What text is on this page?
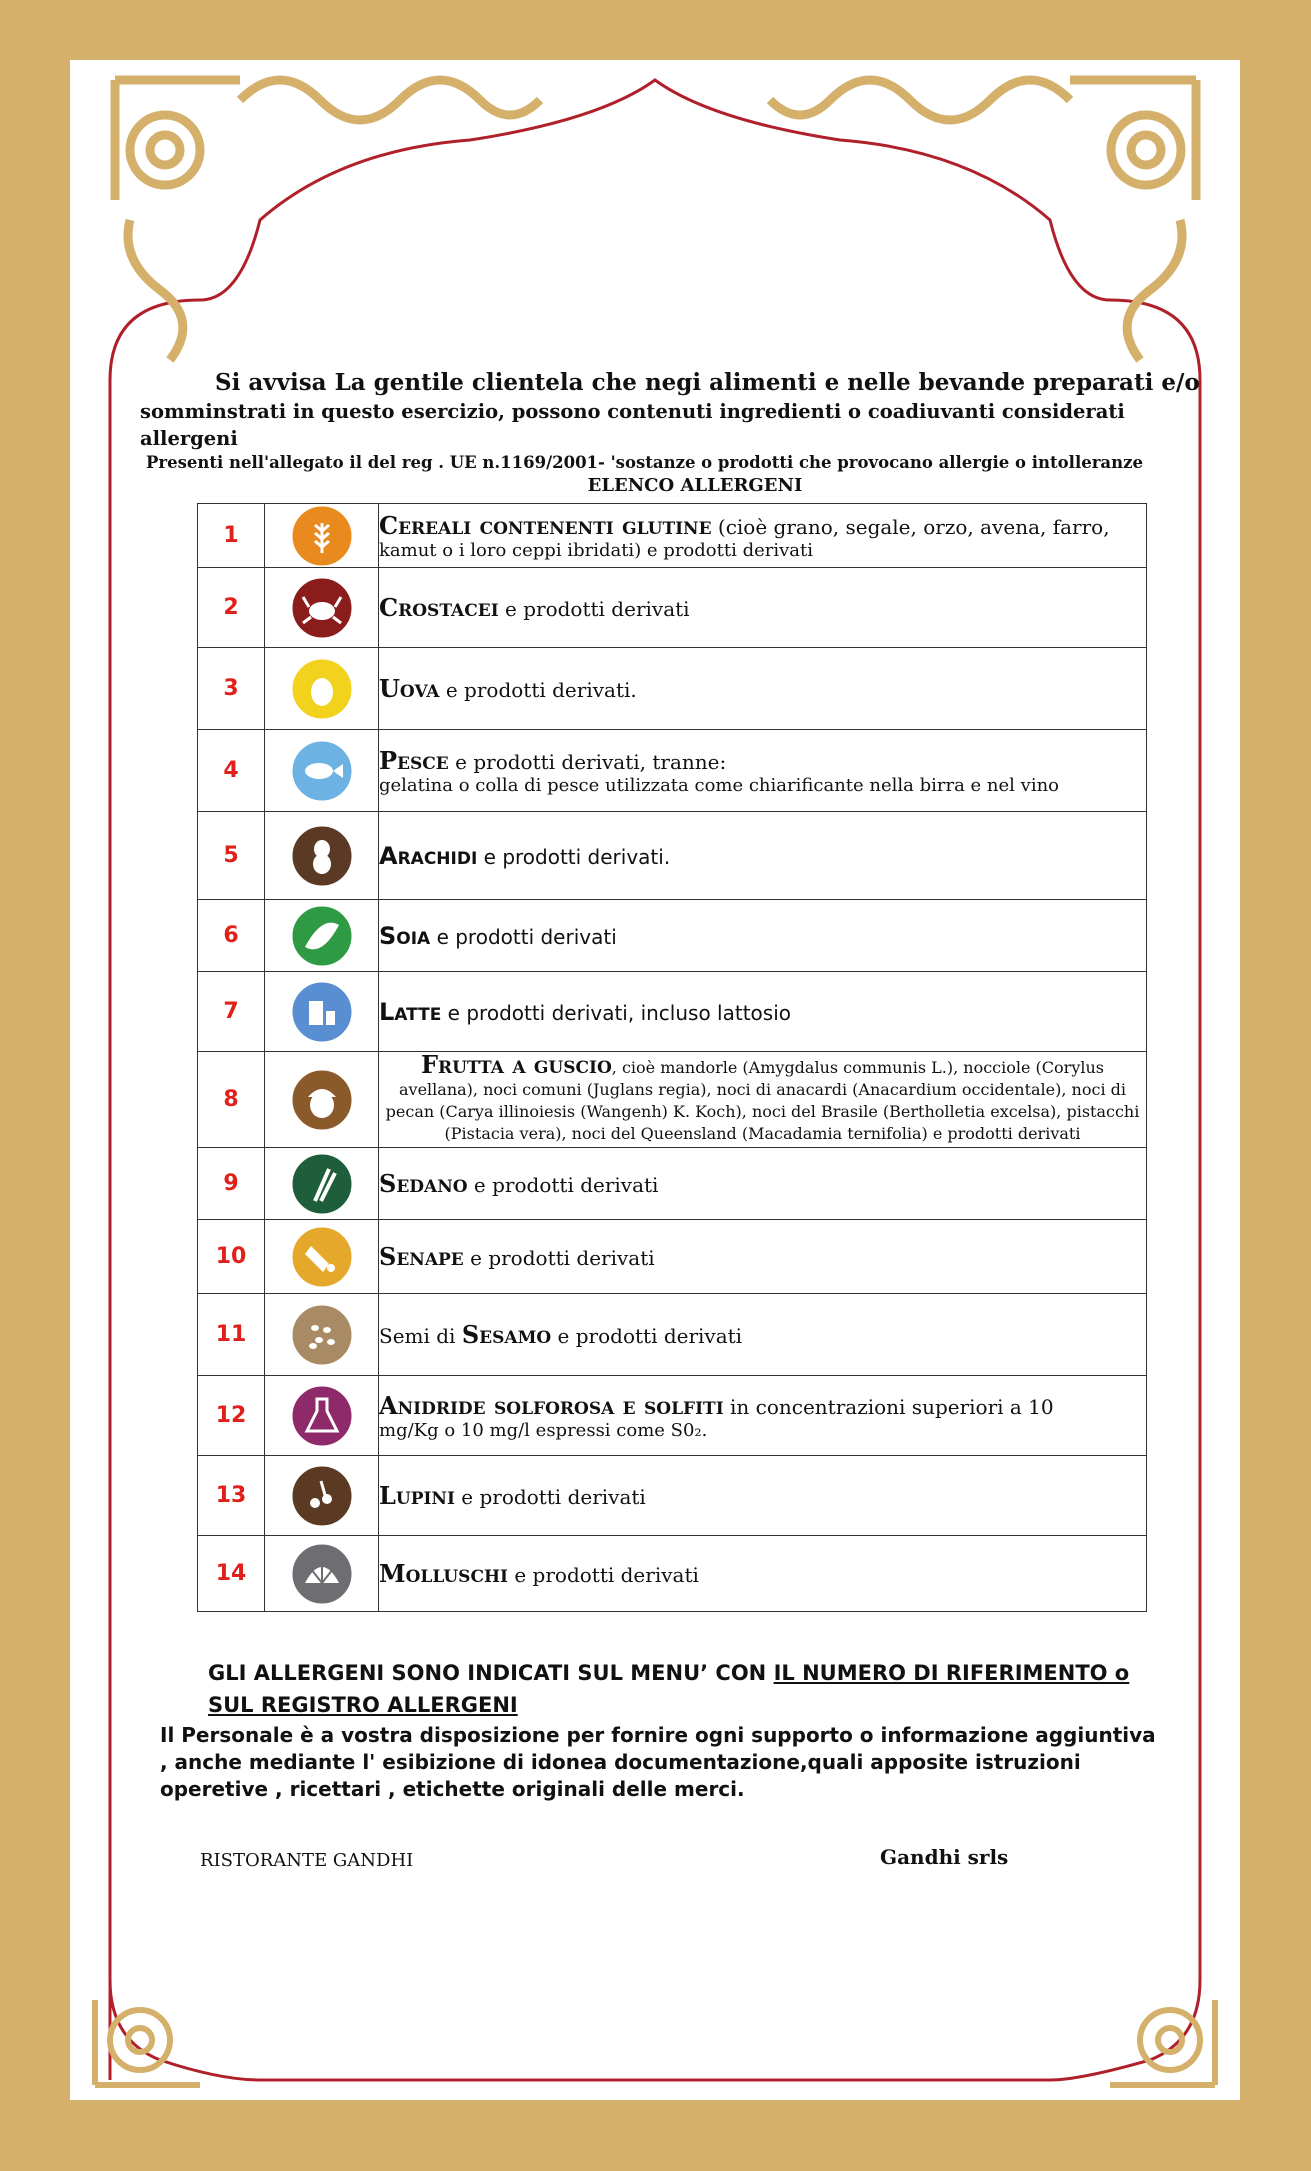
Si avvisa La gentile clientela che negi alimenti e nelle bevande preparati e/o
somminstrati in questo esercizio, possono contenuti ingredienti o coadiuvanti considerati allergeni
Presenti nell'allegato il del reg . UE n.1169/2001- 'sostanze o prodotti che provocano allergie o intolleranze
ELENCO ALLERGENI
1		Cereali contenenti glutine (cioè grano, segale, orzo, avena, farro,
kamut o i loro ceppi ibridati) e prodotti derivati

2		Crostacei e prodotti derivati
3		Uova e prodotti derivati.
4		Pesce e prodotti derivati, tranne:
gelatina o colla di pesce utilizzata come chiarificante nella birra e nel vino

5		Arachidi e prodotti derivati.
6		Soia e prodotti derivati
7		Latte e prodotti derivati, incluso lattosio
8		Frutta a guscio, cioè mandorle (Amygdalus communis L.), nocciole (Corylus avellana), noci comuni (Juglans regia), noci di anacardi (Anacardium occidentale), noci di pecan (Carya illinoiesis (Wangenh) K. Koch), noci del Brasile (Bertholletia excelsa), pistacchi (Pistacia vera), noci del Queensland (Macadamia ternifolia) e prodotti derivati
9		Sedano e prodotti derivati
10		Senape e prodotti derivati
11		Semi di Sesamo e prodotti derivati
12		Anidride solforosa e solfiti in concentrazioni superiori a 10
mg/Kg o 10 mg/l espressi come S0₂.

13		Lupini e prodotti derivati
14		Molluschi e prodotti derivati
GLI ALLERGENI SONO INDICATI SUL MENU’ CON IL NUMERO DI RIFERIMENTO o SUL REGISTRO ALLERGENI
Il Personale è a vostra disposizione per fornire ogni supporto o informazione aggiuntiva , anche mediante l' esibizione di idonea documentazione,quali apposite istruzioni operetive , ricettari , etichette originali delle merci.
RISTORANTE GANDHI	Gandhi srls
